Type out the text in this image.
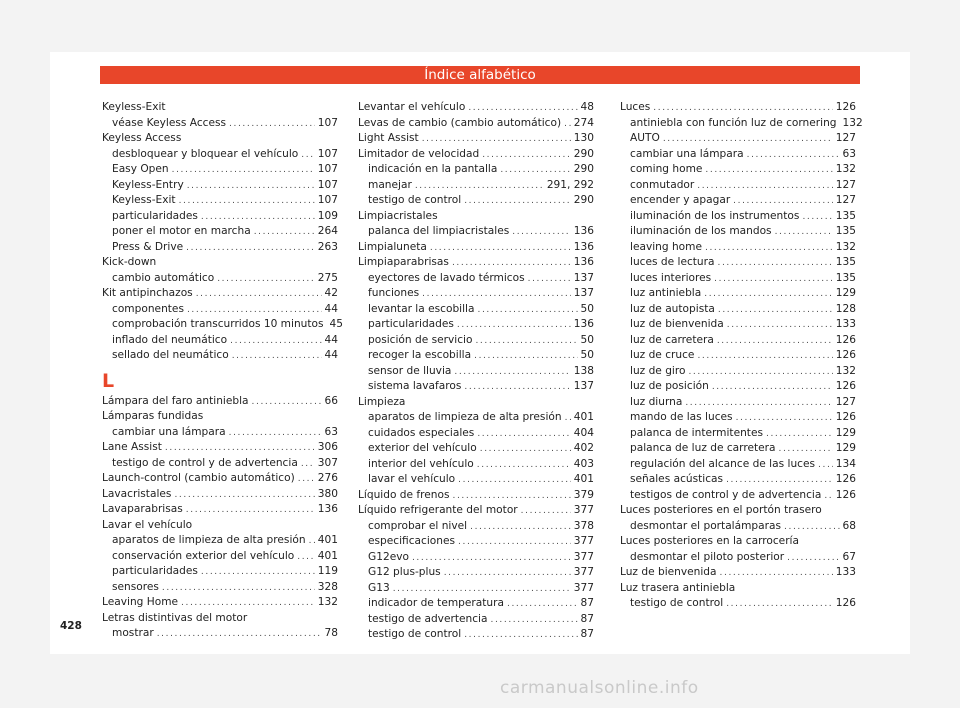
Índice alfabético
Keyless-Exit
véase Keyless Access .....	107
Keyless Access
desbloquear y bloquear el vehículo ..... 107
Easy Open .....	107
Keyless-Entry .....	107
Keyless-Exit .....	107
particularidades .....	109
poner el motor en marcha .....	264
Press & Drive .....	263
Kick-down
cambio automático .....	275
Kit antipinchazos .....	42
componentes .....	44
comprobación transcurridos 10 minutos 45
inflado del neumático .....	44
sellado del neumático .....	44
L
Lámpara del faro antiniebla .....	66
Lámparas fundidas
cambiar una lámpara .....	63
Lane Assist .....	306
testigo de control y de advertencia ..... 307
Launch-control (cambio automático) ..... 276
Lavacristales .....	380
Lavaparabrisas .....	136
Lavar el vehículo
aparatos de limpieza de alta presión ..... 401
conservación exterior del vehículo ..... 401
particularidades .....	119
sensores .....	328
Leaving Home .....	132
Letras distintivas del motor
mostrar .....	78
Levantar el vehículo .....	48
Levas de cambio (cambio automático) ..... 274
Light Assist .....	130
Limitador de velocidad .....	290
indicación en la pantalla .....	290
manejar .....	291, 292
testigo de control .....	290
Limpiacristales
palanca del limpiacristales .....	136
Limpialuneta .....	136
Limpiaparabrisas .....	136
eyectores de lavado térmicos .....	137
funciones .....	137
levantar la escobilla .....	50
particularidades .....	136
posición de servicio .....	50
recoger la escobilla .....	50
sensor de lluvia .....	138
sistema lavafaros .....	137
Limpieza
aparatos de limpieza de alta presión ..... 401
cuidados especiales .....	404
exterior del vehículo .....	402
interior del vehículo .....	403
lavar el vehículo .....	401
Líquido de frenos .....	379
Líquido refrigerante del motor .....	377
comprobar el nivel .....	378
especificaciones .....	377
G12evo .....	377
G12 plus-plus .....	377
G13 .....	377
indicador de temperatura .....	87
testigo de advertencia .....	87
testigo de control .....	87
Luces .....	126
antiniebla con función luz de cornering 132
AUTO .....	127
cambiar una lámpara .....	63
coming home .....	132
conmutador .....	127
encender y apagar .....	127
iluminación de los instrumentos .....	135
iluminación de los mandos .....	135
leaving home .....	132
luces de lectura .....	135
luces interiores .....	135
luz antiniebla .....	129
luz de autopista .....	128
luz de bienvenida .....	133
luz de carretera .....	126
luz de cruce .....	126
luz de giro .....	132
luz de posición .....	126
luz diurna .....	127
mando de las luces .....	126
palanca de intermitentes .....	129
palanca de luz de carretera .....	129
regulación del alcance de las luces ..... 134
señales acústicas .....	126
testigos de control y de advertencia ..... 126
Luces posteriores en el portón trasero
desmontar el portalámparas .....	68
Luces posteriores en la carrocería
desmontar el piloto posterior .....	67
Luz de bienvenida .....	133
Luz trasera antiniebla
testigo de control .....	126
428
carmanualsonline.info
